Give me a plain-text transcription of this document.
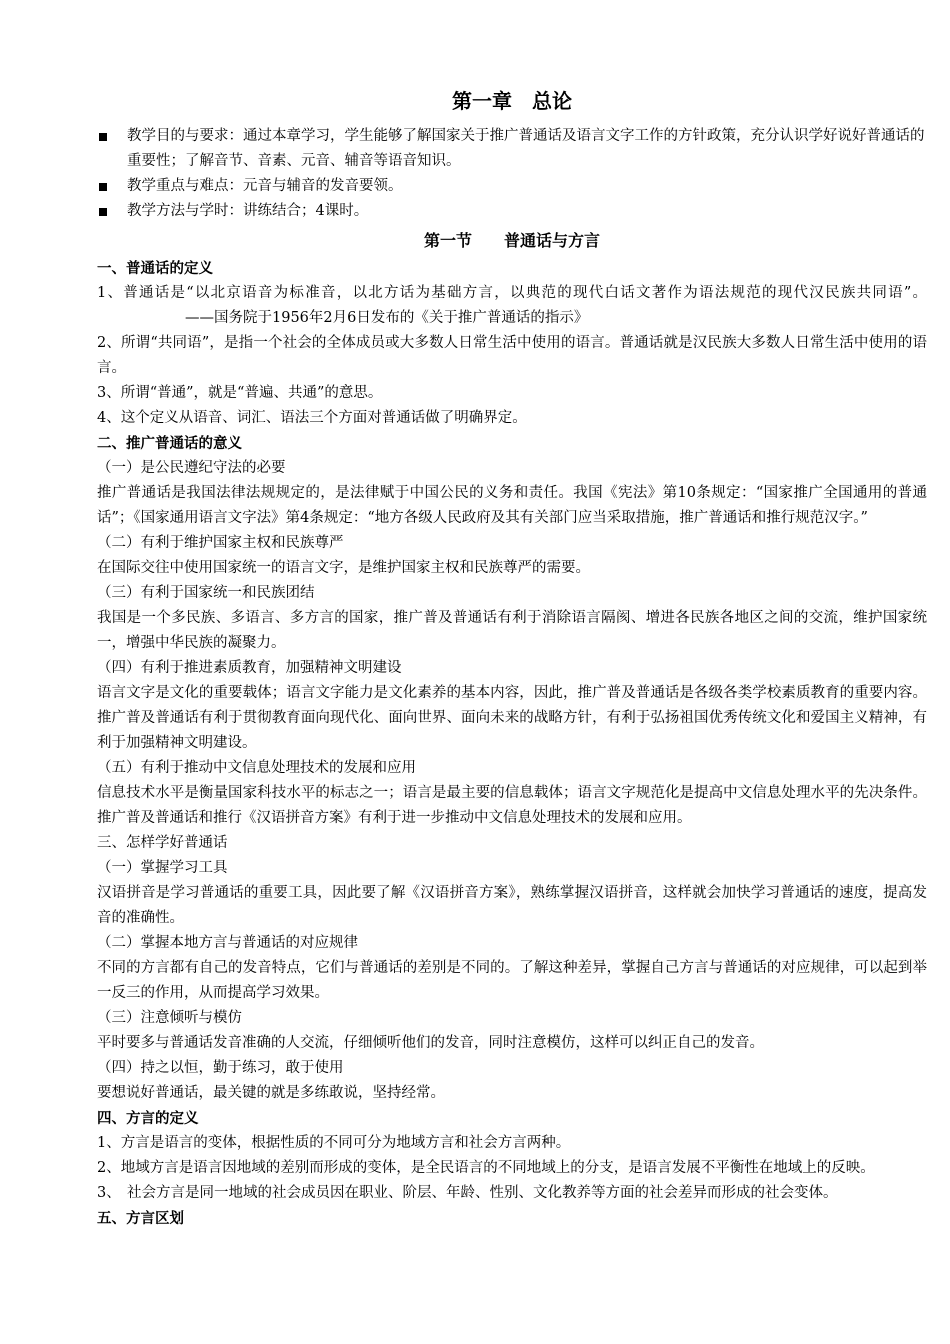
第一章　总论
教学目的与要求：通过本章学习，学生能够了解国家关于推广普通话及语言文字工作的方针政策，充分认识学好说好普通话的重要性；了解音节、音素、元音、辅音等语音知识。
教学重点与难点：元音与辅音的发音要领。
教学方法与学时：讲练结合；4课时。
第一节　　普通话与方言
一、普通话的定义

1、普通话是“以北京语音为标准音，以北方话为基础方言，以典范的现代白话文著作为语法规范的现代汉民族共同语”。——国务院于1956年2月6日发布的《关于推广普通话的指示》

2、所谓“共同语”，是指一个社会的全体成员或大多数人日常生活中使用的语言。普通话就是汉民族大多数人日常生活中使用的语言。

3、所谓“普通”，就是“普遍、共通”的意思。

4、这个定义从语音、词汇、语法三个方面对普通话做了明确界定。

二、推广普通话的意义

（一）是公民遵纪守法的必要

推广普通话是我国法律法规规定的，是法律赋于中国公民的义务和责任。我国《宪法》第10条规定：“国家推广全国通用的普通话”；《国家通用语言文字法》第4条规定：“地方各级人民政府及其有关部门应当采取措施，推广普通话和推行规范汉字。”

（二）有利于维护国家主权和民族尊严

在国际交往中使用国家统一的语言文字，是维护国家主权和民族尊严的需要。

（三）有利于国家统一和民族团结

我国是一个多民族、多语言、多方言的国家，推广普及普通话有利于消除语言隔阂、增进各民族各地区之间的交流，维护国家统一，增强中华民族的凝聚力。

（四）有利于推进素质教育，加强精神文明建设

语言文字是文化的重要载体；语言文字能力是文化素养的基本内容，因此，推广普及普通话是各级各类学校素质教育的重要内容。推广普及普通话有利于贯彻教育面向现代化、面向世界、面向未来的战略方针，有利于弘扬祖国优秀传统文化和爱国主义精神，有利于加强精神文明建设。

（五）有利于推动中文信息处理技术的发展和应用

信息技术水平是衡量国家科技水平的标志之一；语言是最主要的信息载体；语言文字规范化是提高中文信息处理水平的先决条件。推广普及普通话和推行《汉语拼音方案》有利于进一步推动中文信息处理技术的发展和应用。

三、怎样学好普通话

（一）掌握学习工具

汉语拼音是学习普通话的重要工具，因此要了解《汉语拼音方案》，熟练掌握汉语拼音，这样就会加快学习普通话的速度，提高发音的准确性。

（二）掌握本地方言与普通话的对应规律

不同的方言都有自己的发音特点，它们与普通话的差别是不同的。了解这种差异，掌握自己方言与普通话的对应规律，可以起到举一反三的作用，从而提高学习效果。

（三）注意倾听与模仿

平时要多与普通话发音准确的人交流，仔细倾听他们的发音，同时注意模仿，这样可以纠正自己的发音。

（四）持之以恒，勤于练习，敢于使用

要想说好普通话，最关键的就是多练敢说，坚持经常。

四、方言的定义

1、方言是语言的变体，根据性质的不同可分为地域方言和社会方言两种。

2、地域方言是语言因地域的差别而形成的变体，是全民语言的不同地域上的分支，是语言发展不平衡性在地域上的反映。

3、 社会方言是同一地域的社会成员因在职业、阶层、年龄、性别、文化教养等方面的社会差异而形成的社会变体。

五、方言区划
